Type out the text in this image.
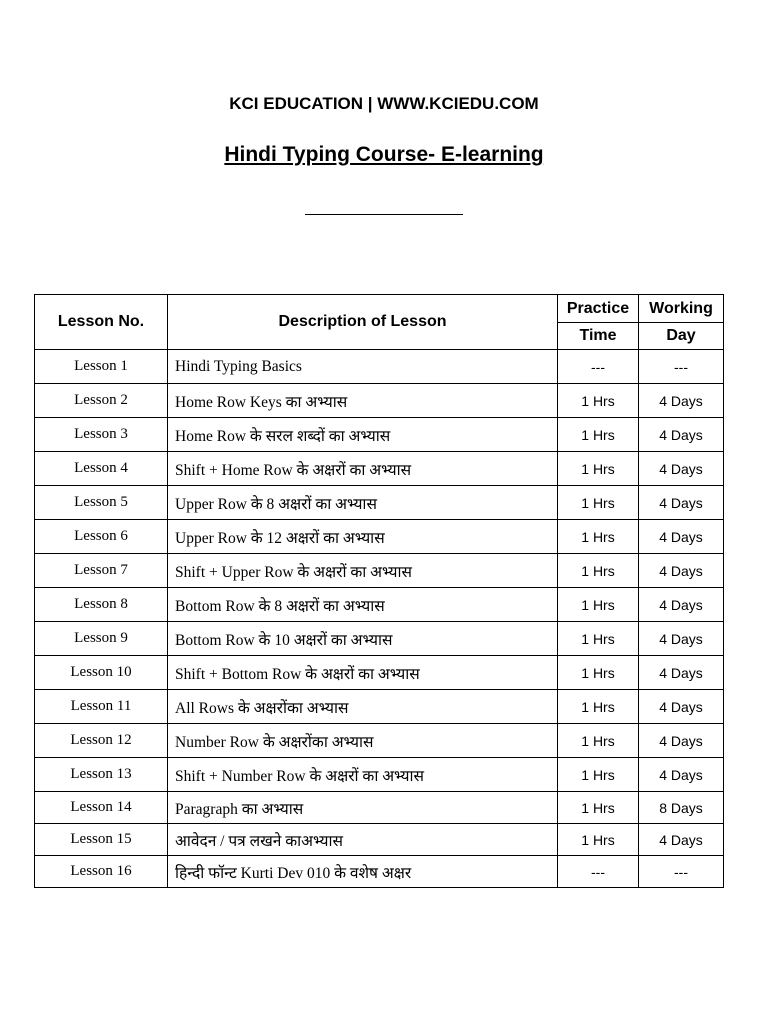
KCI EDUCATION | WWW.KCIEDU.COM
Hindi Typing Course- E-learning
Lesson No.	Description of Lesson	Practice	Working
		Time	Day
Lesson 1	Hindi Typing Basics	---	---
Lesson 2	Home Row Keys का अभ्यास	1 Hrs	4 Days
Lesson 3	Home Row के सरल शब्दों का अभ्यास	1 Hrs	4 Days
Lesson 4	Shift + Home Row के अक्षरों का अभ्यास	1 Hrs	4 Days
Lesson 5	Upper Row के 8 अक्षरों का अभ्यास	1 Hrs	4 Days
Lesson 6	Upper Row के 12 अक्षरों का अभ्यास	1 Hrs	4 Days
Lesson 7	Shift + Upper Row के अक्षरों का अभ्यास	1 Hrs	4 Days
Lesson 8	Bottom Row के 8 अक्षरों का अभ्यास	1 Hrs	4 Days
Lesson 9	Bottom Row के 10 अक्षरों का अभ्यास	1 Hrs	4 Days
Lesson 10	Shift + Bottom Row के अक्षरों का अभ्यास	1 Hrs	4 Days
Lesson 11	All Rows के अक्षरोंका अभ्यास	1 Hrs	4 Days
Lesson 12	Number Row के अक्षरोंका अभ्यास	1 Hrs	4 Days
Lesson 13	Shift + Number Row के अक्षरों का अभ्यास	1 Hrs	4 Days
Lesson 14	Paragraph का अभ्यास	1 Hrs	8 Days
Lesson 15	आवेदन / पत्र लखने काअभ्यास	1 Hrs	4 Days
Lesson 16	हिन्दी फॉन्ट Kurti Dev 010 के वशेष अक्षर	---	---
